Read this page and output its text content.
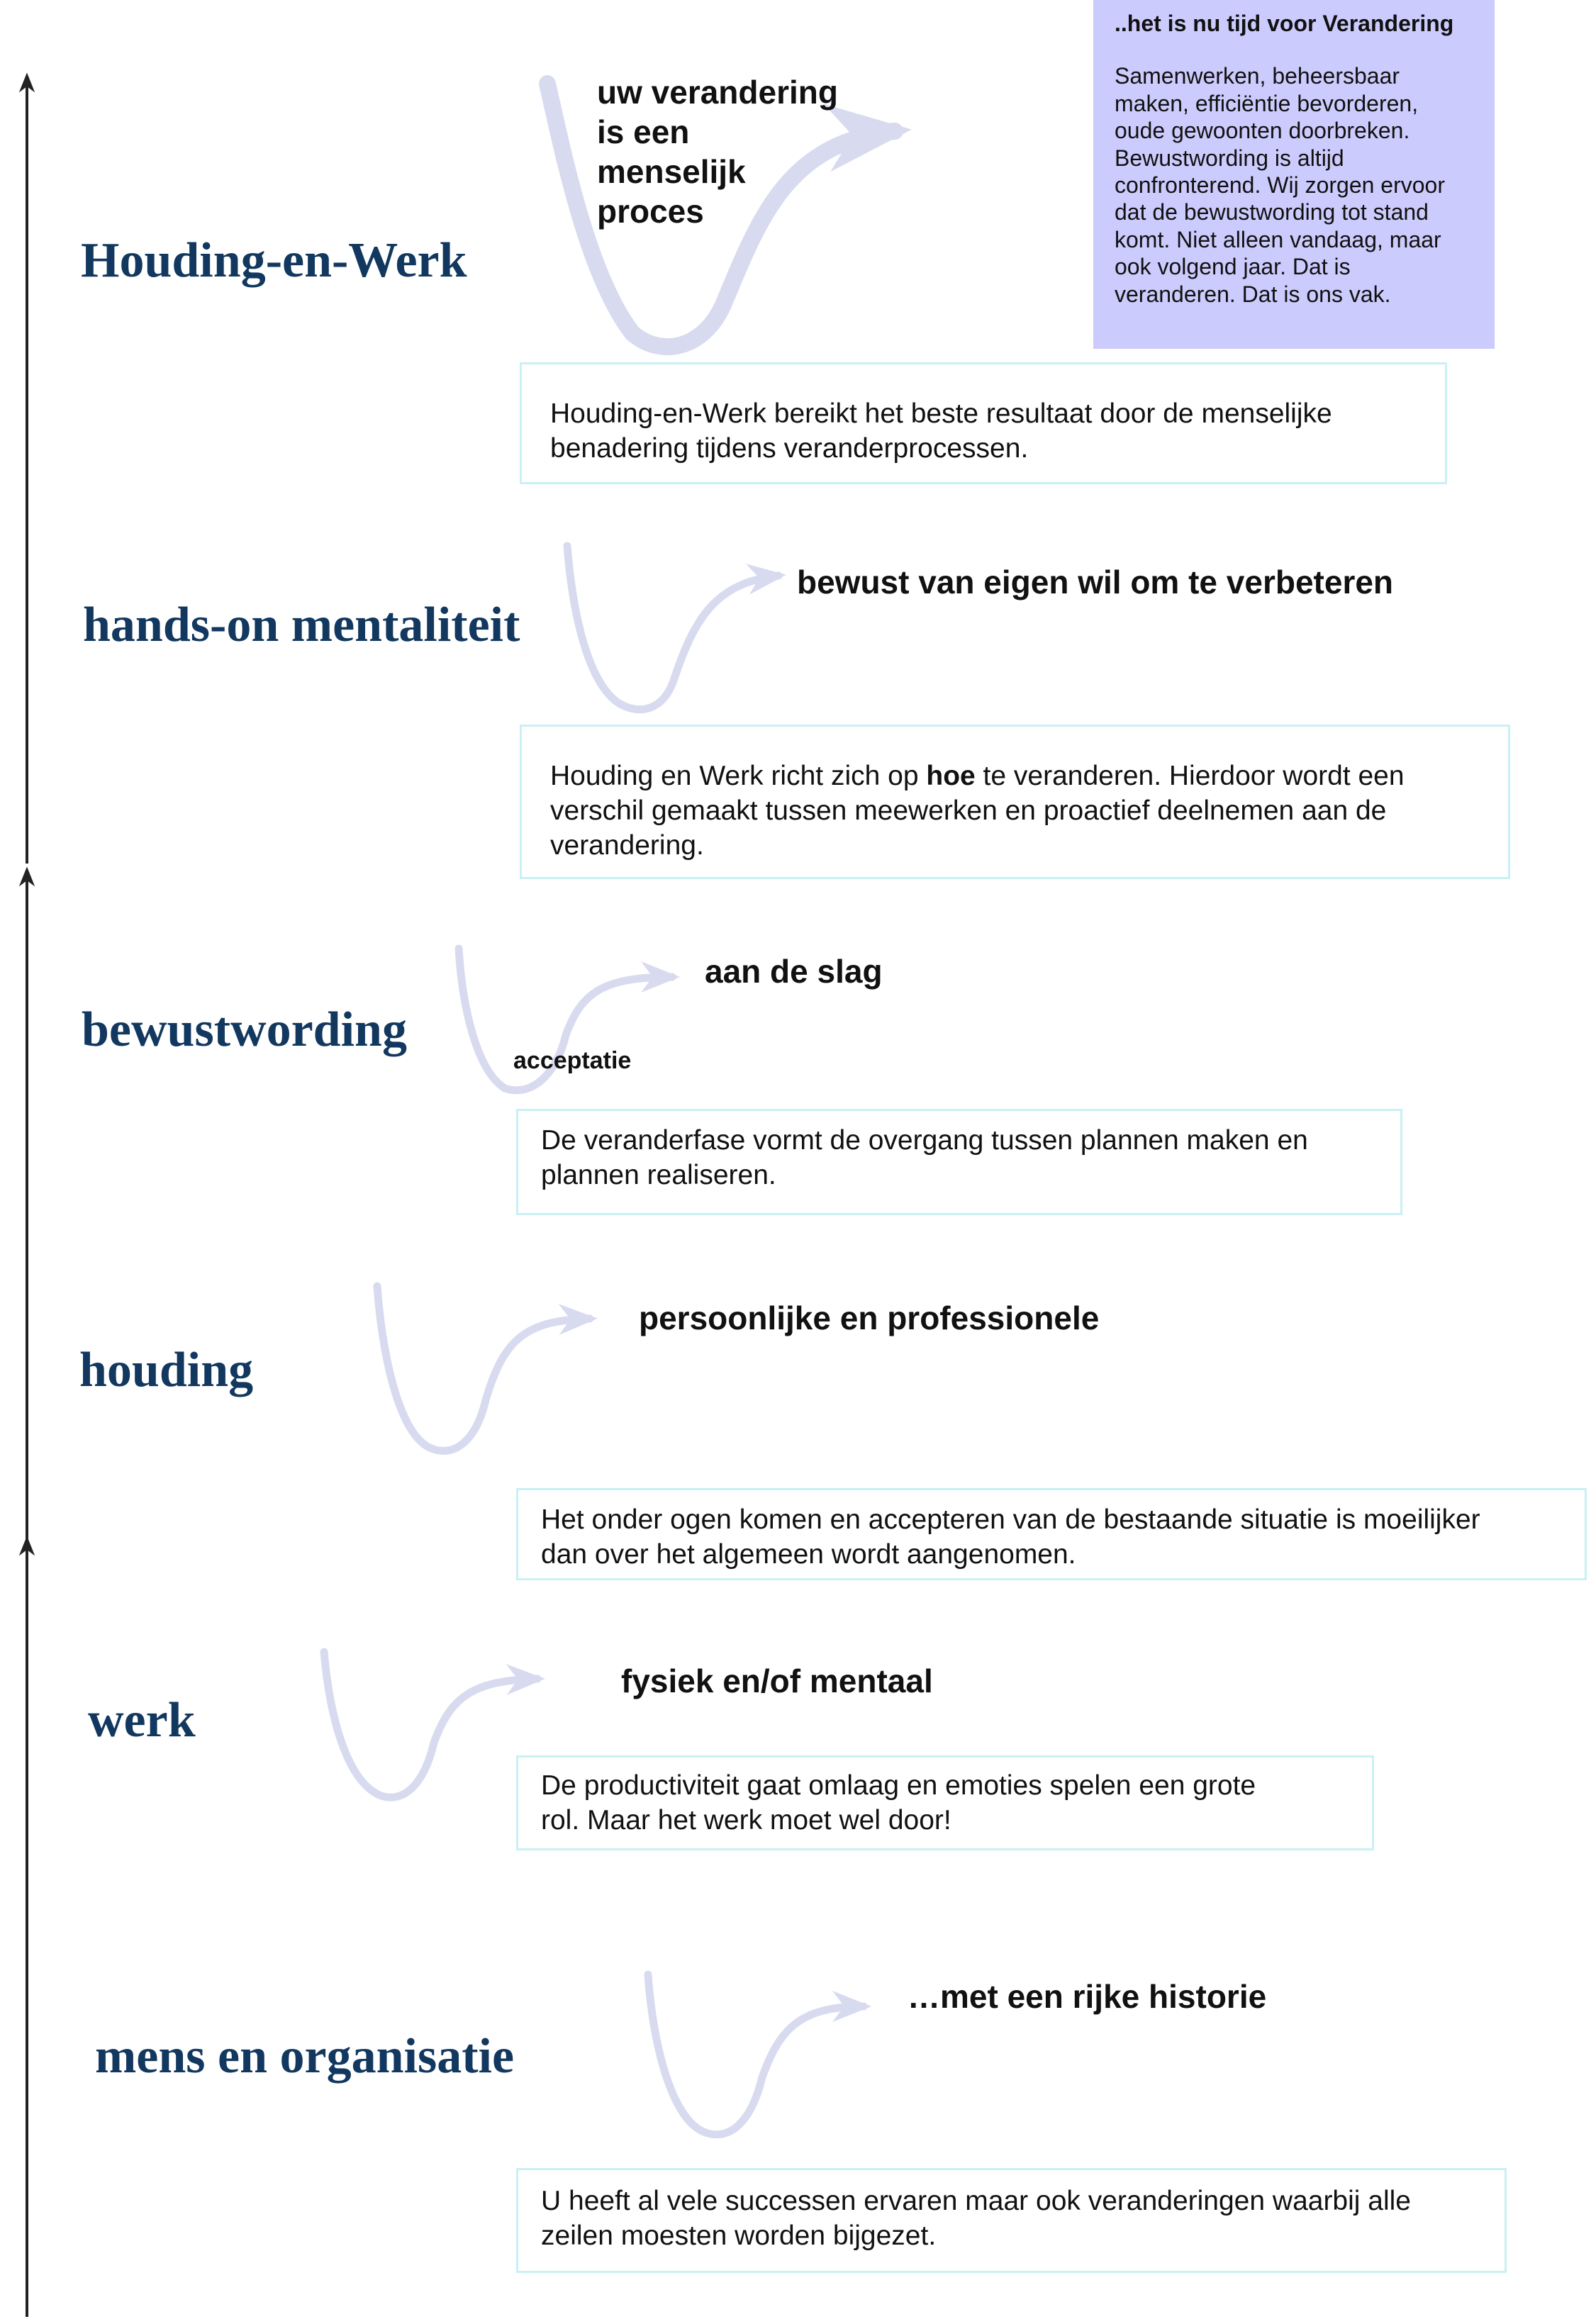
..het is nu tijd voor Verandering

Samenwerken, beheersbaar

maken, efficiëntie bevorderen,

oude gewoonten doorbreken.

Bewustwording is altijd

confronterend. Wij zorgen ervoor

dat de bewustwording tot stand

komt. Niet alleen vandaag, maar

ook volgend jaar. Dat is

veranderen. Dat is ons vak.

Houding-en-Werk
uw verandering
is een
menselijk
proces

Houding-en-Werk bereikt het beste resultaat door de menselijke

benadering tijdens veranderprocessen.

hands-on mentaliteit
bewust van eigen wil om te verbeteren

Houding en Werk richt zich op hoe te veranderen. Hierdoor wordt een

verschil gemaakt tussen meewerken en proactief deelnemen aan de

verandering.

bewustwording
aan de slag
acceptatie

De veranderfase vormt de overgang tussen plannen maken en

plannen realiseren.

houding
persoonlijke en professionele

Het onder ogen komen en accepteren van de bestaande situatie is moeilijker

dan over het algemeen wordt aangenomen.

werk
fysiek en/of mentaal

De productiviteit gaat omlaag en emoties spelen een grote

rol. Maar het werk moet wel door!

mens en organisatie
…met een rijke historie

U heeft al vele successen ervaren maar ook veranderingen waarbij alle

zeilen moesten worden bijgezet.
